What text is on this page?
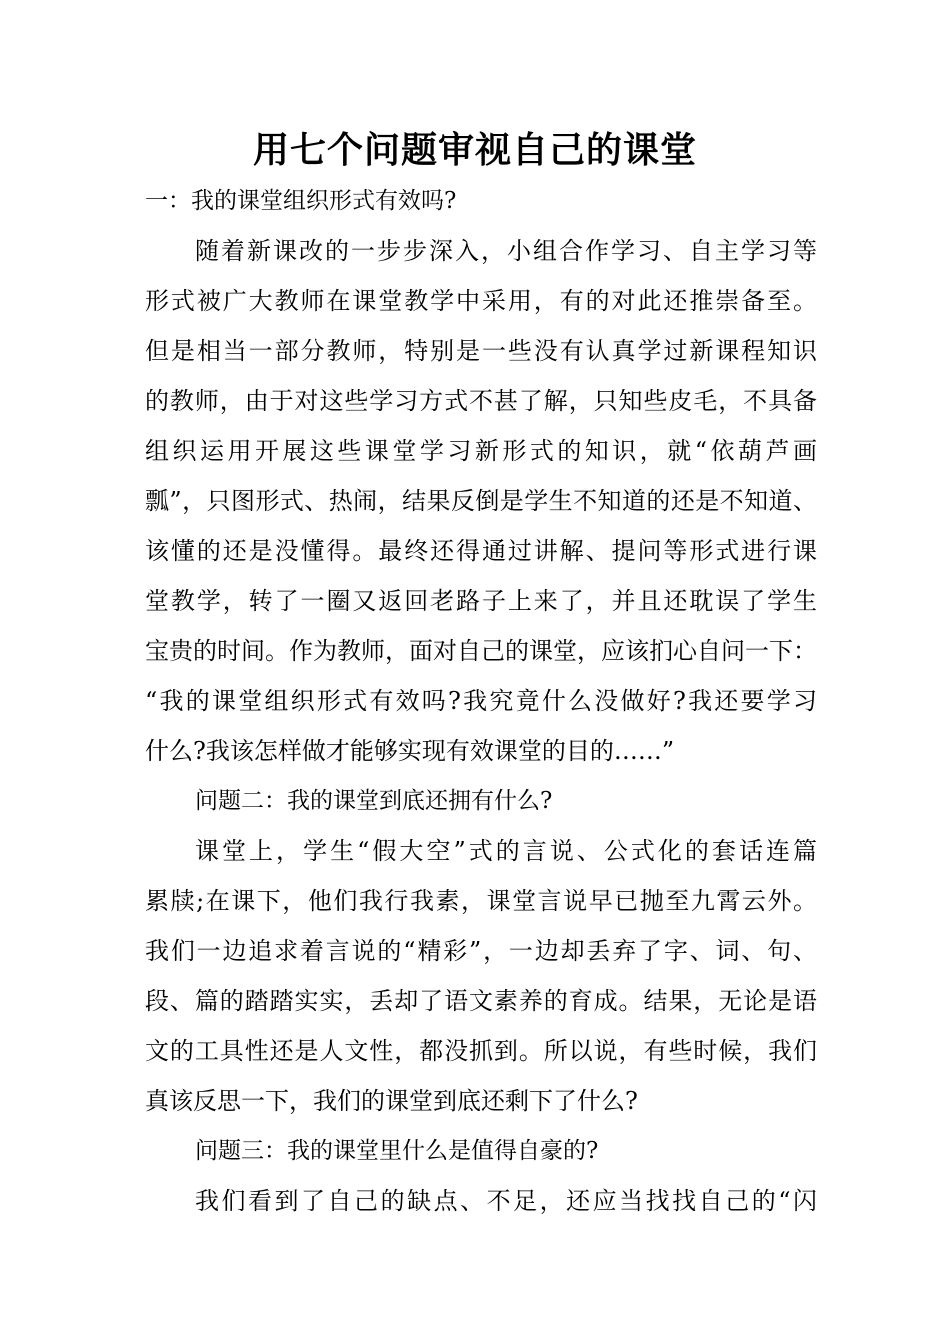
用七个问题审视自己的课堂
一：我的课堂组织形式有效吗?
随着新课改的一步步深入，小组合作学习、自主学习等
形式被广大教师在课堂教学中采用，有的对此还推崇备至。
但是相当一部分教师，特别是一些没有认真学过新课程知识
的教师，由于对这些学习方式不甚了解，只知些皮毛，不具备
组织运用开展这些课堂学习新形式的知识，就“依葫芦画
瓢”，只图形式、热闹，结果反倒是学生不知道的还是不知道、
该懂的还是没懂得。最终还得通过讲解、提问等形式进行课
堂教学，转了一圈又返回老路子上来了，并且还耽误了学生
宝贵的时间。作为教师，面对自己的课堂，应该扪心自问一下：
“我的课堂组织形式有效吗?我究竟什么没做好?我还要学习
什么?我该怎样做才能够实现有效课堂的目的……”
问题二：我的课堂到底还拥有什么?
课堂上，学生“假大空”式的言说、公式化的套话连篇
累牍;在课下，他们我行我素，课堂言说早已抛至九霄云外。
我们一边追求着言说的“精彩”，一边却丢弃了字、词、句、
段、篇的踏踏实实，丢却了语文素养的育成。结果，无论是语
文的工具性还是人文性，都没抓到。所以说，有些时候，我们
真该反思一下，我们的课堂到底还剩下了什么?
问题三：我的课堂里什么是值得自豪的?
我们看到了自己的缺点、不足，还应当找找自己的“闪
